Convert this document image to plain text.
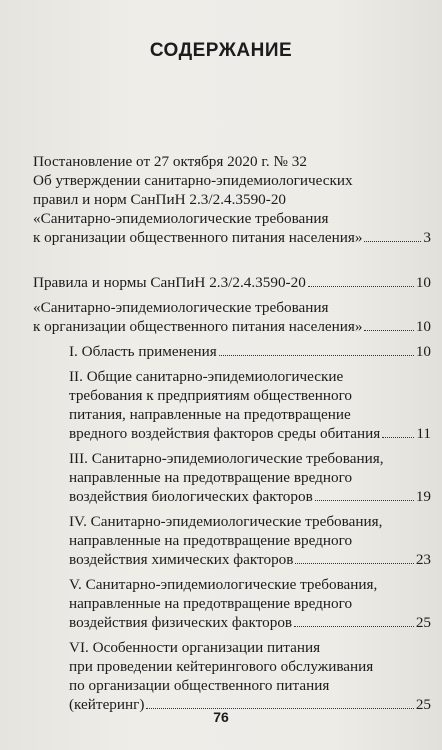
СОДЕРЖАНИЕ
Постановление от 27 октября 2020 г. № 32
Об утверждении санитарно-эпидемиологических
правил и норм СанПиН 2.3/2.4.3590-20
«Санитарно-эпидемиологические требования
к организации общественного питания населения»	3
Правила и нормы СанПиН 2.3/2.4.3590-20	10
«Санитарно-эпидемиологические требования
к организации общественного питания населения»	10
I. Область применения	10
II. Общие санитарно-эпидемиологические
требования к предприятиям общественного
питания, направленные на предотвращение
вредного воздействия факторов среды обитания 11
III. Санитарно-эпидемиологические требования,
направленные на предотвращение вредного
воздействия биологических факторов	19
IV. Санитарно-эпидемиологические требования,
направленные на предотвращение вредного
воздействия химических факторов	23
V. Санитарно-эпидемиологические требования,
направленные на предотвращение вредного
воздействия физических факторов	25
VI. Особенности организации питания
при проведении кейтерингового обслуживания
по организации общественного питания
(кейтеринг)	25
76
